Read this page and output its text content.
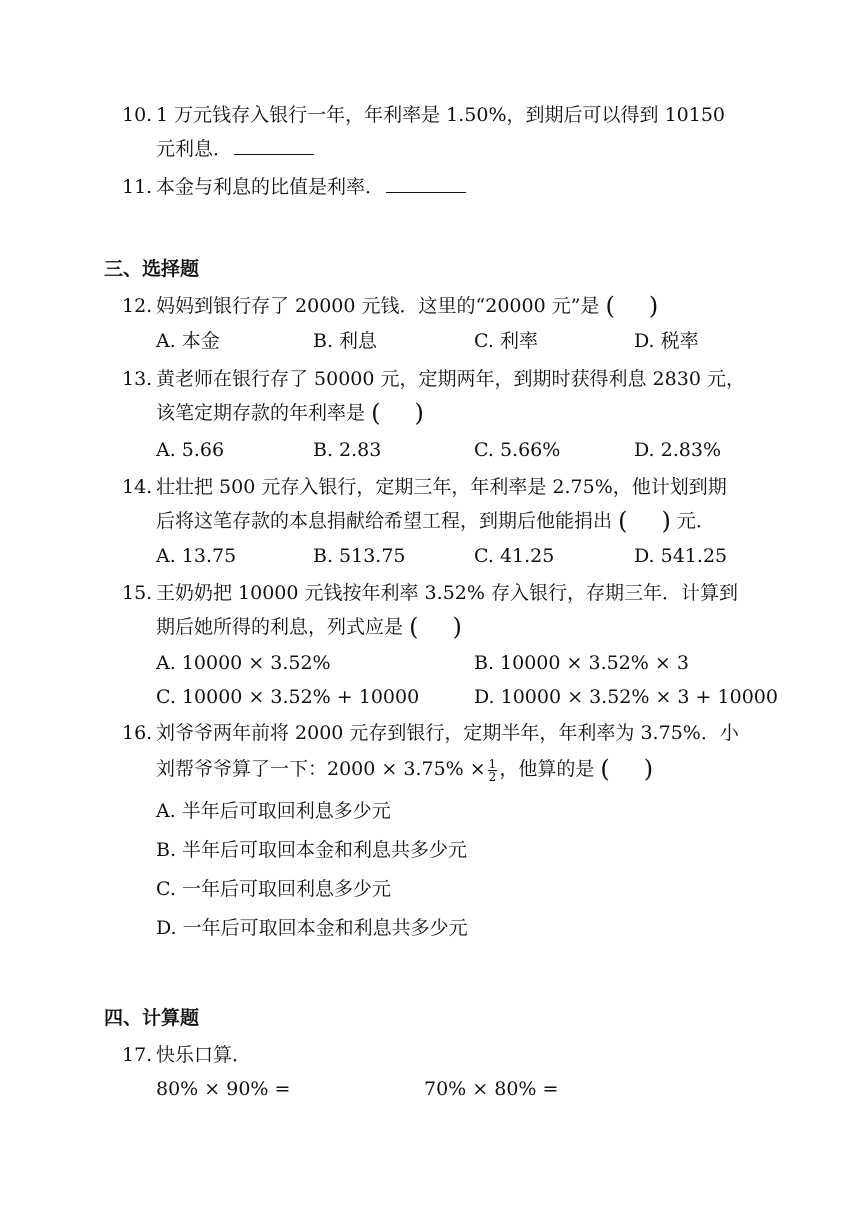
10. 1 万元钱存入银行一年，年利率是 1.50%，到期后可以得到 10150
元利息．
11. 本金与利息的比值是利率．
三、选择题
12. 妈妈到银行存了 20000 元钱．这里的“20000 元”是 ( )
A. 本金	B. 利息	C. 利率	D. 税率
13. 黄老师在银行存了 50000 元，定期两年，到期时获得利息 2830 元，
该笔定期存款的年利率是 ( )
A. 5.66	B. 2.83	C. 5.66%	D. 2.83%
14. 壮壮把 500 元存入银行，定期三年，年利率是 2.75%，他计划到期
后将这笔存款的本息捐献给希望工程，到期后他能捐出 ( ) 元．
A. 13.75	B. 513.75	C. 41.25	D. 541.25
15. 王奶奶把 10000 元钱按年利率 3.52% 存入银行，存期三年．计算到
期后她所得的利息，列式应是 ( )
A. 10000 × 3.52%	B. 10000 × 3.52% × 3
C. 10000 × 3.52% + 10000	D. 10000 × 3.52% × 3 + 10000
16. 刘爷爷两年前将 2000 元存到银行，定期半年，年利率为 3.75%．小
刘帮爷爷算了一下：$2000 \times 3.75\% \times \frac{1}{2}$ ，他算的是 ( )
A. 半年后可取回利息多少元
B. 半年后可取回本金和利息共多少元
C. 一年后可取回利息多少元
D. 一年后可取回本金和利息共多少元
四、计算题
17. 快乐口算．
80% × 90% =	70% × 80% =
